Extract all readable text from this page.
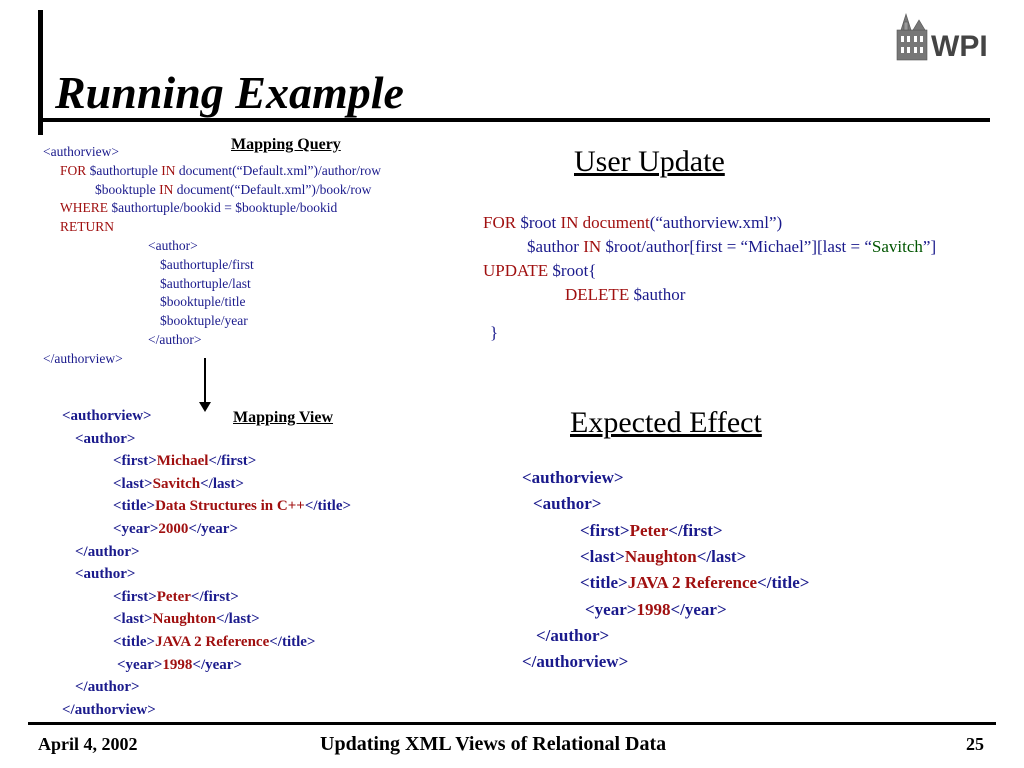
Running Example
WPI
Mapping Query
<authorview>
FOR $authortuple IN document(“Default.xml”)/author/row
$booktuple IN document(“Default.xml”)/book/row
WHERE $authortuple/bookid = $booktuple/bookid
RETURN
<author>
$authortuple/first
$authortuple/last
$booktuple/title
$booktuple/year
</author>
</authorview>
Mapping View
<authorview>
<author>
<first>Michael</first>
<last>Savitch</last>
<title>Data Structures in C++</title>
<year>2000</year>
</author>
<author>
<first>Peter</first>
<last>Naughton</last>
<title>JAVA 2 Reference</title>
<year>1998</year>
</author>
</authorview>
User Update
FOR $root IN document(“authorview.xml”)
$author IN $root/author[first = “Michael”][last = “Savitch”]
UPDATE $root{
DELETE $author
}
Expected Effect
<authorview>
<author>
<first>Peter</first>
<last>Naughton</last>
<title>JAVA 2 Reference</title>
<year>1998</year>
</author>
</authorview>
April 4, 2002	Updating XML Views of Relational Data	25
